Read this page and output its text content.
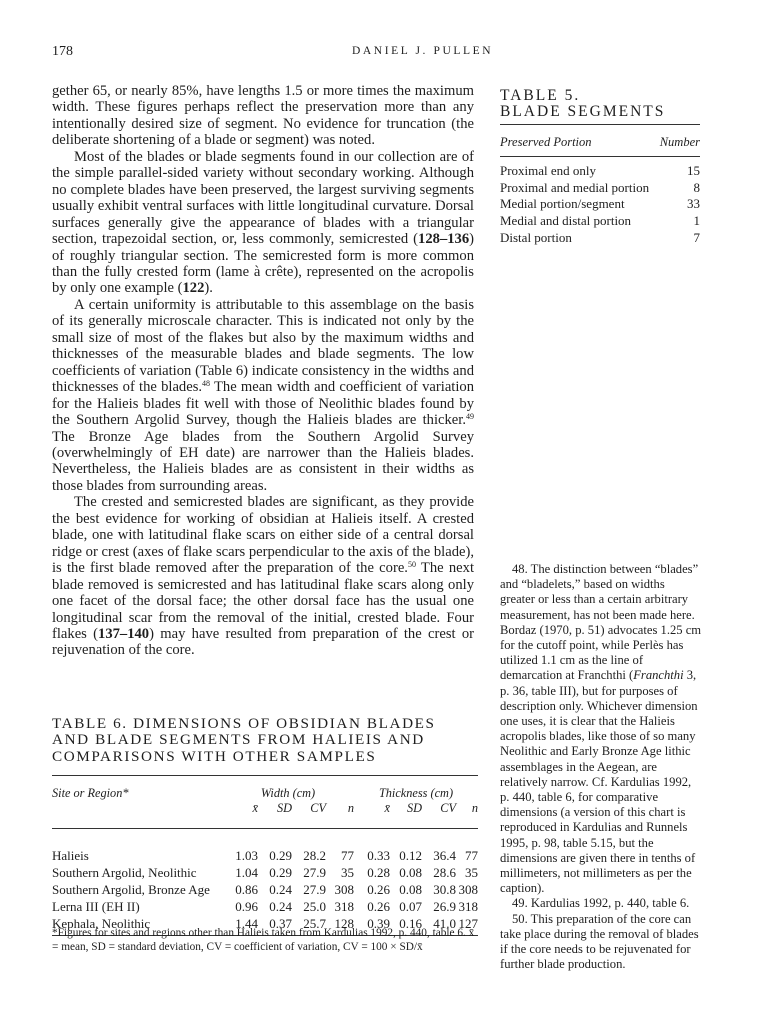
178	DANIEL J. PULLEN

gether 65, or nearly 85%, have lengths 1.5 or more times the maximum width. These figures perhaps reflect the preservation more than any intentionally desired size of segment. No evidence for truncation (the deliberate shortening of a blade or segment) was noted.

Most of the blades or blade segments found in our collection are of the simple parallel-sided variety without secondary working. Although no complete blades have been preserved, the largest surviving segments usually exhibit ventral surfaces with little longitudinal curvature. Dorsal surfaces generally give the appearance of blades with a triangular section, trapezoidal section, or, less commonly, semicrested (128–136) of roughly triangular section. The semicrested form is more common than the fully crested form (lame à crête), represented on the acropolis by only one example (122).

A certain uniformity is attributable to this assemblage on the basis of its generally microscale character. This is indicated not only by the small size of most of the flakes but also by the maximum widths and thicknesses of the measurable blades and blade segments. The low coefficients of variation (Table 6) indicate consistency in the widths and thicknesses of the blades.$^{48}$ The mean width and coefficient of variation for the Halieis blades fit well with those of Neolithic blades found by the Southern Argolid Survey, though the Halieis blades are thicker.$^{49}$ The Bronze Age blades from the Southern Argolid Survey (overwhelmingly of EH date) are narrower than the Halieis blades. Nevertheless, the Halieis blades are as consistent in their widths as those blades from surrounding areas.

The crested and semicrested blades are significant, as they provide the best evidence for working of obsidian at Halieis itself. A crested blade, one with latitudinal flake scars on either side of a central dorsal ridge or crest (axes of flake scars perpendicular to the axis of the blade), is the first blade removed after the preparation of the core.$^{50}$ The next blade removed is semicrested and has latitudinal flake scars along only one facet of the dorsal face; the other dorsal face has the usual one longitudinal scar from the removal of the initial, crested blade. Four flakes (137–140) may have resulted from preparation of the crest or rejuvenation of the core.

TABLE 5.
BLADE SEGMENTS
Preserved Portion	Number
Proximal end only	15
Proximal and medial portion	8
Medial portion/segment	33
Medial and distal portion	1
Distal portion	7

48. The distinction between “blades” and “bladelets,” based on widths greater or less than a certain arbitrary measurement, has not been made here. Bordaz (1970, p. 51) advocates 1.25 cm for the cutoff point, while Perlès has utilized 1.1 cm as the line of demarcation at Franchthi (Franchthi 3, p. 36, table III), but for purposes of description only. Whichever dimension one uses, it is clear that the Halieis acropolis blades, like those of so many Neolithic and Early Bronze Age lithic assemblages in the Aegean, are relatively narrow. Cf. Kardulias 1992, p. 440, table 6, for comparative dimensions (a version of this chart is reproduced in Kardulias and Runnels 1995, p. 98, table 5.15, but the dimensions are given there in tenths of millimeters, not millimeters as per the caption).

49. Kardulias 1992, p. 440, table 6.

50. This preparation of the core can take place during the removal of blades if the core needs to be rejuvenated for further blade production.

TABLE 6. DIMENSIONS OF OBSIDIAN BLADES AND BLADE SEGMENTS FROM HALIEIS AND COMPARISONS WITH OTHER SAMPLES
Site or Region*	Width (cm)				Thickness (cm)			
	x̄	SD	CV	n	x̄	SD	CV	n
Halieis	1.03	0.29	28.2	77	0.33	0.12	36.4	77
Southern Argolid, Neolithic	1.04	0.29	27.9	35	0.28	0.08	28.6	35
Southern Argolid, Bronze Age	0.86	0.24	27.9	308	0.26	0.08	30.8	308
Lerna III (EH II)	0.96	0.24	25.0	318	0.26	0.07	26.9	318
Kephala, Neolithic	1.44	0.37	25.7	128	0.39	0.16	41.0	127
*Figures for sites and regions other than Halieis taken from Kardulias 1992, p. 440, table 6. x̄ = mean, SD = standard deviation, CV = coefficient of variation, CV = 100 × SD/x̄
